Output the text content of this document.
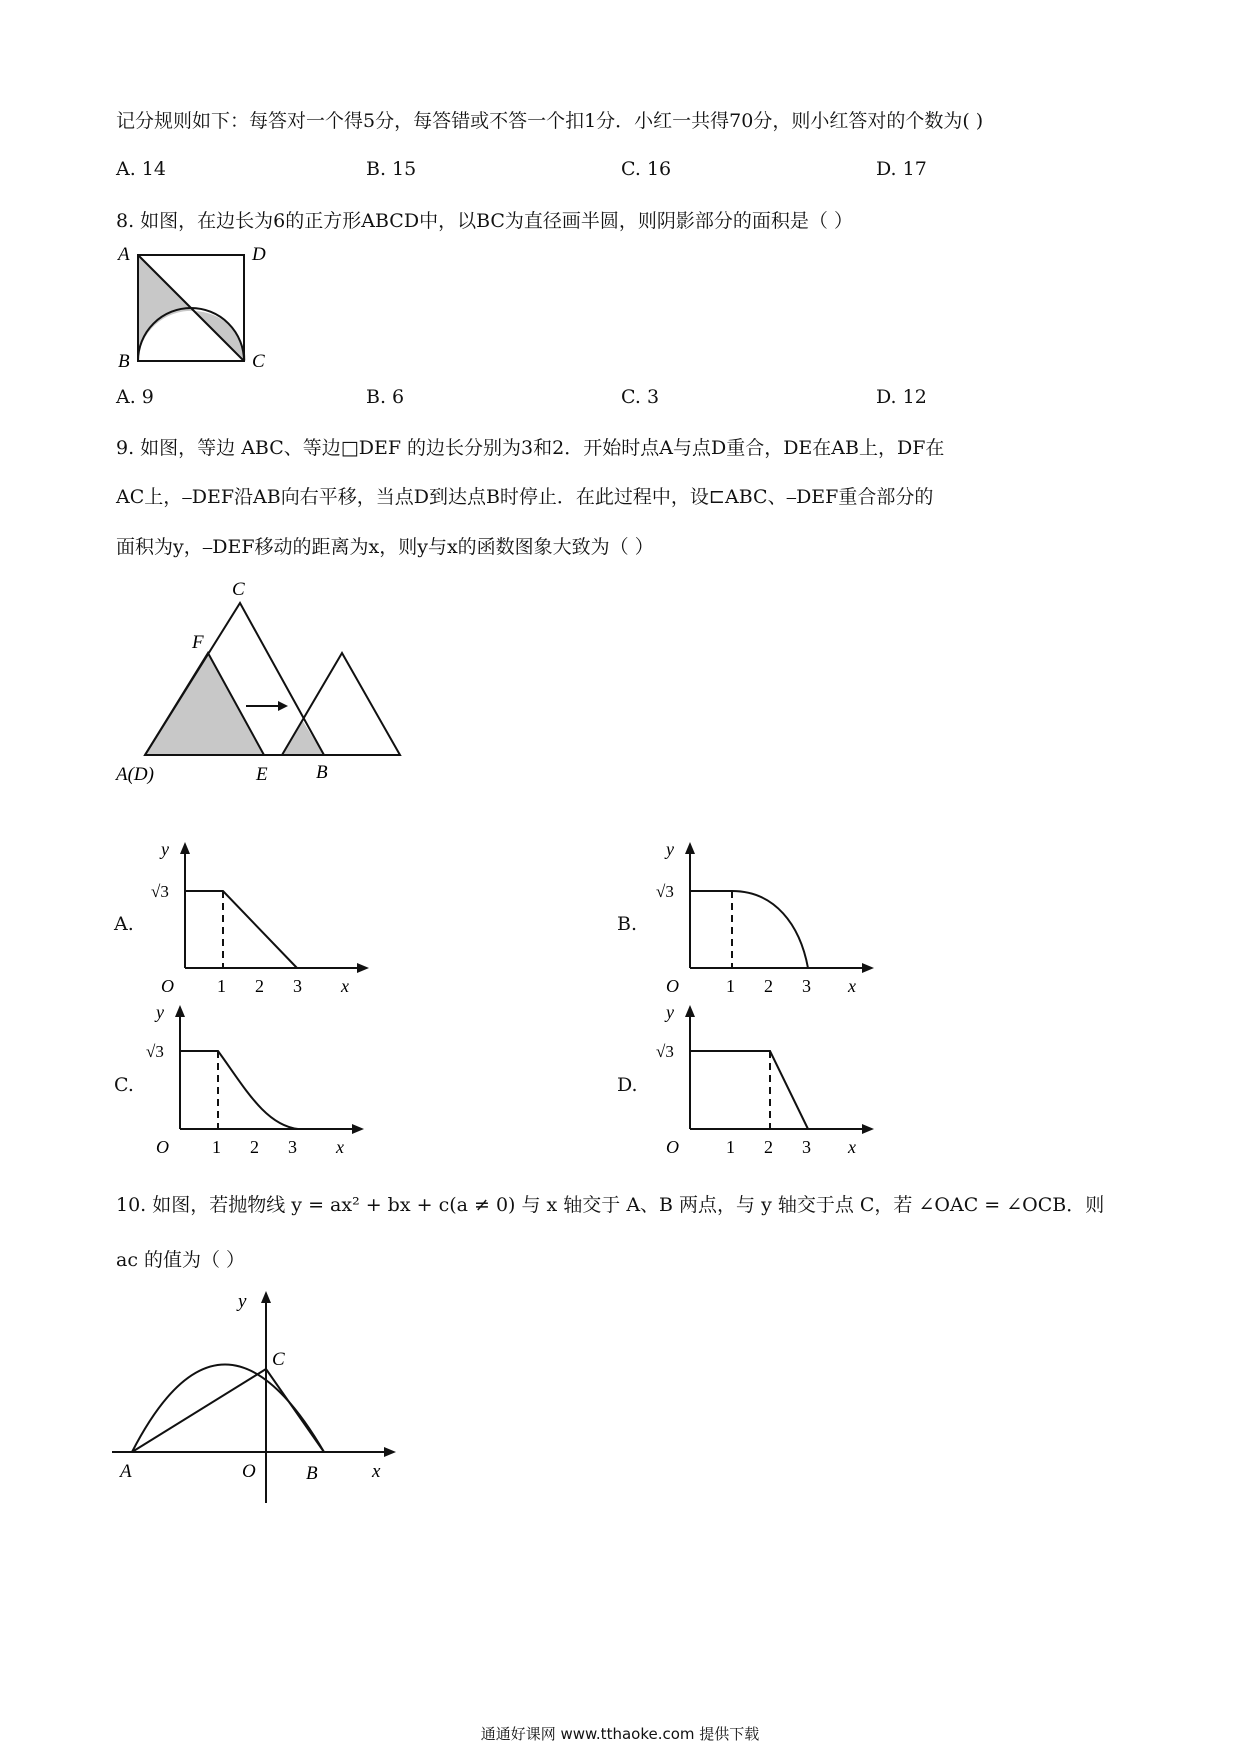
记分规则如下：每答对一个得5分，每答错或不答一个扣1分．小红一共得70分，则小红答对的个数为( )
A. 14	B. 15	C. 16	D. 17
8. 如图，在边长为6的正方形ABCD中，以BC为直径画半圆，则阴影部分的面积是（ ）
A	D
B	C
A. 9	B. 6	C. 3	D. 12
9. 如图，等边 ABC、等边□DEF 的边长分别为3和2．开始时点A与点D重合，DE在AB上，DF在
AC上，⎯DEF沿AB向右平移，当点D到达点B时停止．在此过程中，设⊏ABC、⎯DEF重合部分的
面积为y，⎯DEF移动的距离为x，则y与x的函数图象大致为（ ）
C
F
A(D)	E	B
A.
y
√3
O 1 2 3 x
B.
y
√3
O	1 2 3 x
C.
y
√3
O 1 2 3 x
D.
y
√3
O	1 2 3 x
10. 如图，若抛物线 y = ax² + bx + c(a ≠ 0) 与 x 轴交于 A、B 两点，与 y 轴交于点 C，若 ∠OAC = ∠OCB．则
ac 的值为（ ）
y
C
A	O	B	x
通通好课网 www.tthaoke.com 提供下载
